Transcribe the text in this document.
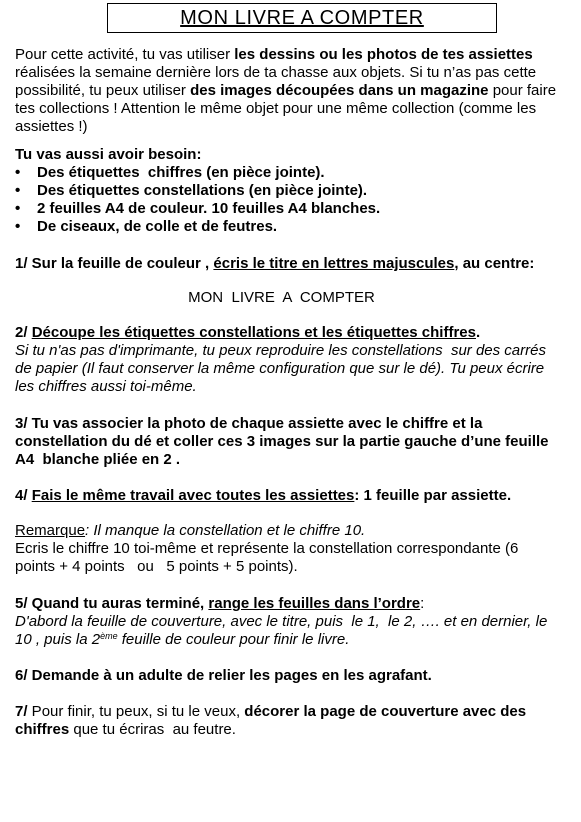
MON LIVRE A COMPTER
Pour cette activité, tu vas utiliser les dessins ou les photos de tes assiettes
réalisées la semaine dernière lors de ta chasse aux objets. Si tu n’as pas cette
possibilité, tu peux utiliser des images découpées dans un magazine pour faire
tes collections ! Attention le même objet pour une même collection (comme les
assiettes !)
Tu vas aussi avoir besoin:
• Des étiquettes  chiffres (en pièce jointe).
• Des étiquettes constellations (en pièce jointe).
• 2 feuilles A4 de couleur. 10 feuilles A4 blanches.
• De ciseaux, de colle et de feutres.
1/ Sur la feuille de couleur , écris le titre en lettres majuscules, au centre:
MON  LIVRE  A  COMPTER
2/ Découpe les étiquettes constellations et les étiquettes chiffres.
Si tu n'as pas d'imprimante, tu peux reproduire les constellations  sur des carrés
de papier (Il faut conserver la même configuration que sur le dé). Tu peux écrire
les chiffres aussi toi-même.
3/ Tu vas associer la photo de chaque assiette avec le chiffre et la
constellation du dé et coller ces 3 images sur la partie gauche d’une feuille
A4  blanche pliée en 2 .
4/ Fais le même travail avec toutes les assiettes: 1 feuille par assiette.
Remarque: Il manque la constellation et le chiffre 10.
Ecris le chiffre 10 toi-même et représente la constellation correspondante (6
points + 4 points   ou   5 points + 5 points).
5/ Quand tu auras terminé, range les feuilles dans l’ordre:
D'abord la feuille de couverture, avec le titre, puis  le 1,  le 2, …. et en dernier, le
10 , puis la 2ème feuille de couleur pour finir le livre.
6/ Demande à un adulte de relier les pages en les agrafant.
7/ Pour finir, tu peux, si tu le veux, décorer la page de couverture avec des
chiffres que tu écriras  au feutre.
